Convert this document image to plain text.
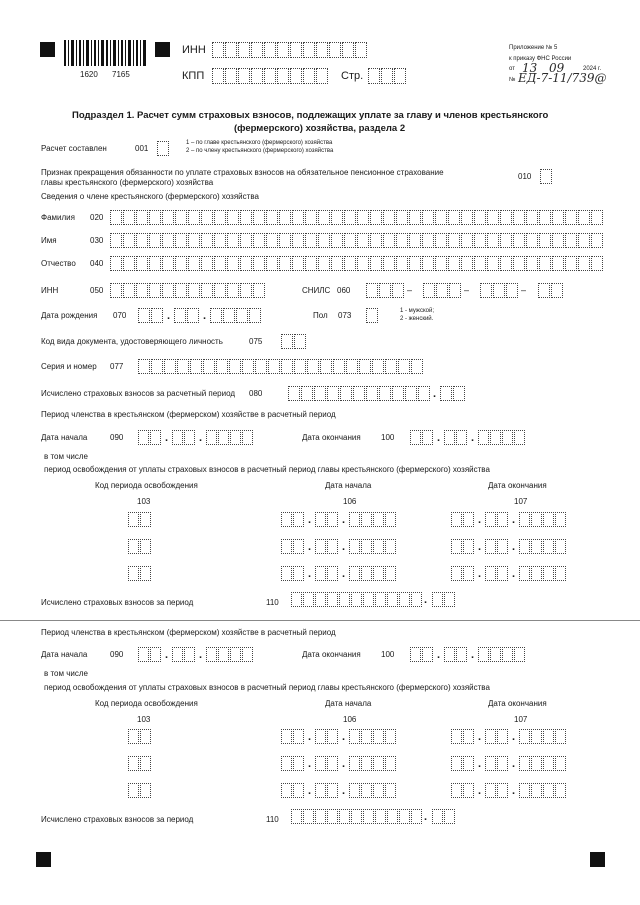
1620 7165
ИНН
КПП	Стр.
Приложение № 5
к приказу ФНС России
от 13 09	2024 г.
№ ЕД-7-11/739@
Подраздел 1. Расчет сумм страховых взносов, подлежащих уплате за главу и членов крестьянского
(фермерского) хозяйства, раздела 2
Расчет составлен	001
1 – по главе крестьянского (фермерского) хозяйства
2 – по члену крестьянского (фермерского) хозяйства
Признак прекращения обязанности по уплате страховых взносов на обязательное пенсионное страхование
главы крестьянского (фермерского) хозяйства
010
Сведения о члене крестьянского (фермерского) хозяйства
Фамилия 020
Имя	030
Отчество 040
ИНН	050	СНИЛС 060
Дата рождения 070	Пол 073	1 - мужской;
2 - женский.
Код вида документа, удостоверяющего личность	075
Серия и номер 077
Исчислено страховых взносов за расчетный период 080
Период членства в крестьянском (фермерском) хозяйстве в расчетный период
Дата начала	090	Дата окончания	100
в том числе
период освобождения от уплаты страховых взносов в расчетный период главы крестьянского (фермерского) хозяйства
Код периода освобождения	Дата начала	Дата окончания
103	106	107
Исчислено страховых взносов за период	110
Период членства в крестьянском (фермерском) хозяйстве в расчетный период
Дата начала	090	Дата окончания	100
в том числе
период освобождения от уплаты страховых взносов в расчетный период главы крестьянского (фермерского) хозяйства
Код периода освобождения	Дата начала	Дата окончания
103	106	107
Исчислено страховых взносов за период	110
–	–	–
.	.
.
.	.	.	.
.	.	.	.
.	.	.	.
.	.	.	.
.
.	.	.	.
.	.	.	.
.	.	.	.
.	.	.	.
.
